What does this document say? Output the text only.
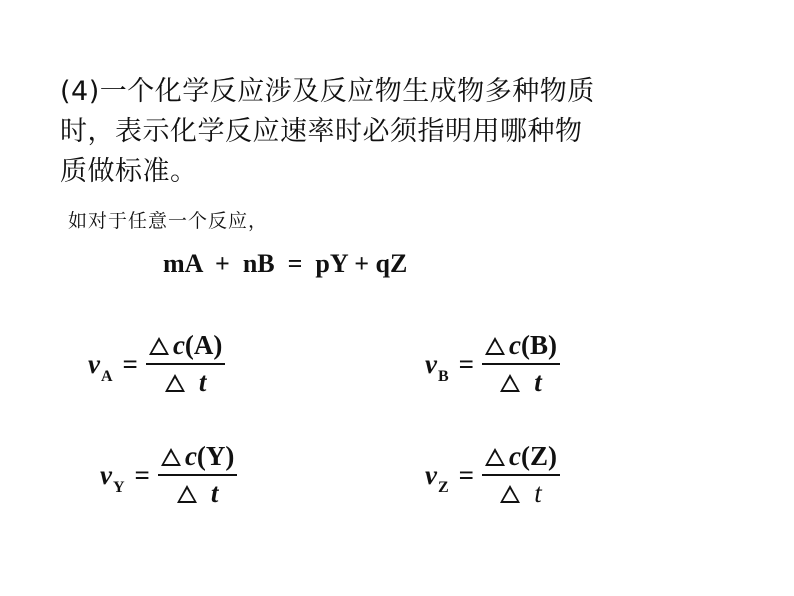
(4)一个化学反应涉及反应物生成物多种物质
时，表示化学反应速率时必须指明用哪种物
质做标准。
如对于任意一个反应，
mA  +  nB  =  pY + qZ
v $A = \frac{c (A)}{t}$	v $B = \frac{c (B)}{t}$
v $Y = \frac{c (Y)}{t}$	v $Z = \frac{c (Z)}{t}$
